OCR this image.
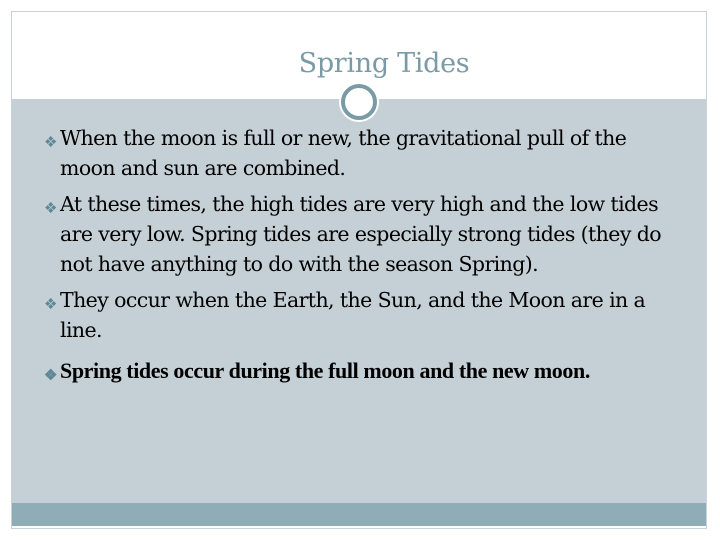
Spring Tides
❖ When the moon is full or new, the gravitational pull of the moon and sun are combined.
❖ At these times, the high tides are very high and the low tides are very low. Spring tides are especially strong tides (they do not have anything to do with the season Spring).
❖ They occur when the Earth, the Sun, and the Moon are in a line.
❖ Spring tides occur during the full moon and the new moon.
